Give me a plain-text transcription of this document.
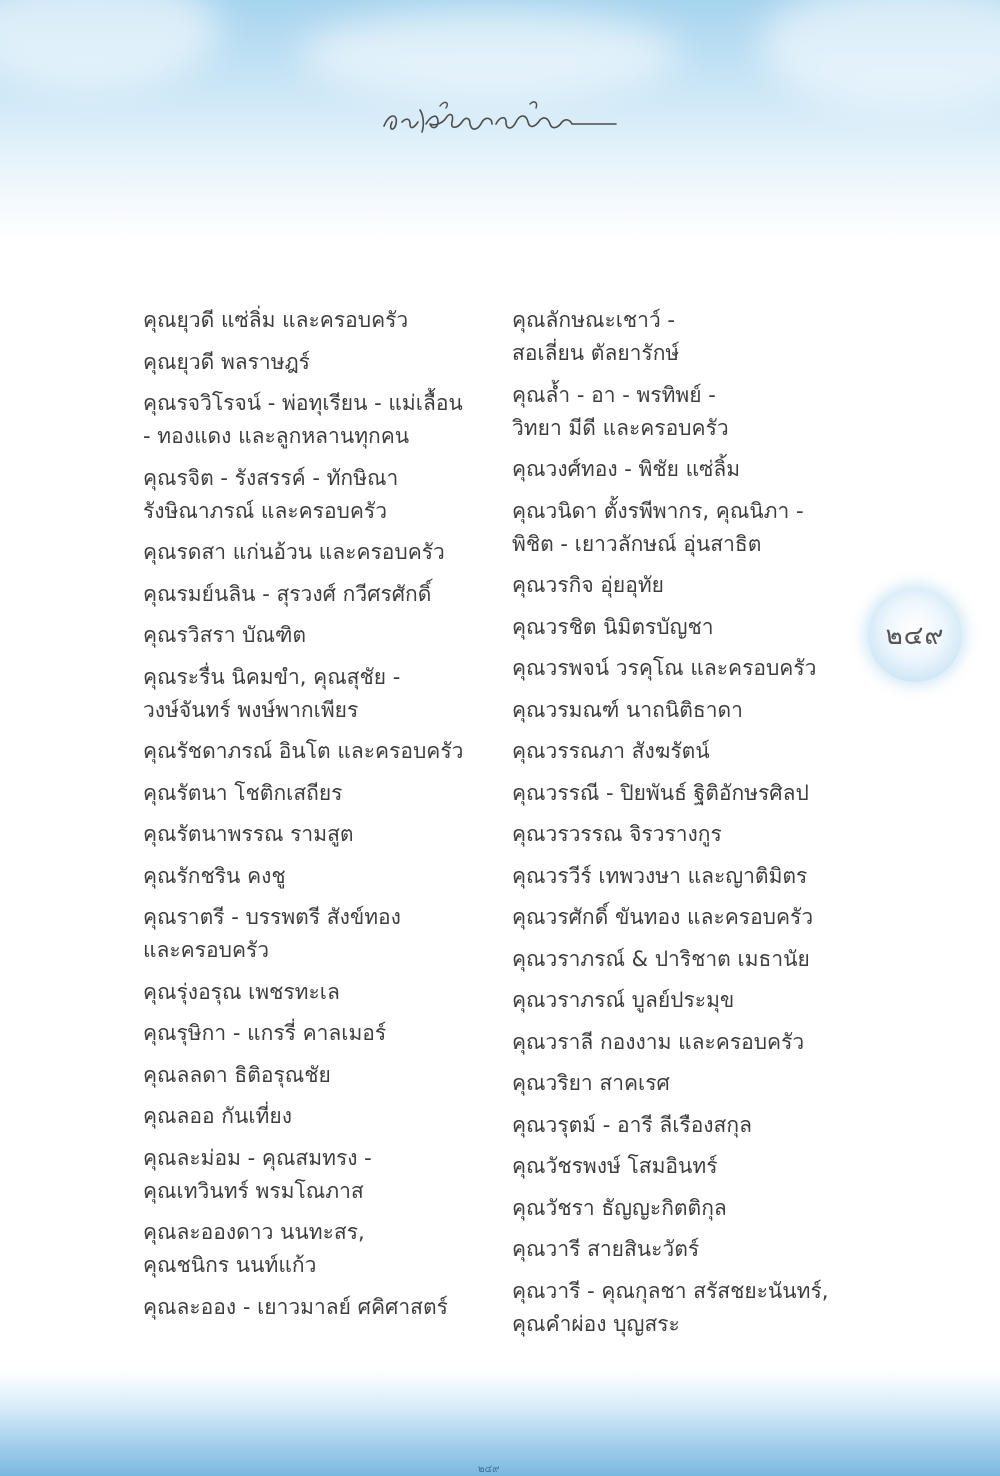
คุณยุวดี แซ่ลิ่ม และครอบครัว
คุณยุวดี พลราษฎร์
คุณรจวิโรจน์ - พ่อทุเรียน - แม่เลื้อน
- ทองแดง และลูกหลานทุกคน
คุณรจิต - รังสรรค์ - ทักษิณา
รังษิณาภรณ์ และครอบครัว
คุณรดสา แก่นอ้วน และครอบครัว
คุณรมย์นลิน - สุรวงศ์ กวีศรศักดิ์
คุณรวิสรา บัณฑิต
คุณระรื่น นิคมขำ, คุณสุชัย -
วงษ์จันทร์ พงษ์พากเพียร
คุณรัชดาภรณ์ อินโต และครอบครัว
คุณรัตนา โชติกเสถียร
คุณรัตนาพรรณ รามสูต
คุณรักชริน คงชู
คุณราตรี - บรรพตรี สังข์ทอง
และครอบครัว
คุณรุ่งอรุณ เพชรทะเล
คุณรุษิกา - แกรรี่ คาลเมอร์
คุณลลดา ธิติอรุณชัย
คุณลออ กันเที่ยง
คุณละม่อม - คุณสมทรง -
คุณเทวินทร์ พรมโณภาส
คุณละอองดาว นนทะสร,
คุณชนิกร นนท์แก้ว
คุณละออง - เยาวมาลย์ ศคิศาสตร์
คุณลักษณะเชาว์ -
สอเลี่ยน ตัลยารักษ์
คุณล้ำ - อา - พรทิพย์ -
วิทยา มีดี และครอบครัว
คุณวงศ์ทอง - พิชัย แซ่ลิ้ม
คุณวนิดา ตั้งรพีพากร, คุณนิภา -
พิชิต - เยาวลักษณ์ อุ่นสาธิต
คุณวรกิจ อุ่ยอุทัย
คุณวรชิต นิมิตรบัญชา
คุณวรพจน์ วรคุโณ และครอบครัว
คุณวรมณฑ์ นาถนิติธาดา
คุณวรรณภา สังฆรัตน์
คุณวรรณี - ปิยพันธ์ ฐิติอักษรศิลป
คุณวรวรรณ จิรวรางกูร
คุณวรวีร์ เทพวงษา และญาติมิตร
คุณวรศักดิ์ ขันทอง และครอบครัว
คุณวราภรณ์ & ปาริชาต เมธานัย
คุณวราภรณ์ บูลย์ประมุข
คุณวราลี กองงาม และครอบครัว
คุณวริยา สาคเรศ
คุณวรุตม์ - อารี ลีเรืองสกุล
คุณวัชรพงษ์ โสมอินทร์
คุณวัชรา ธัญญะกิตติกุล
คุณวารี สายสินะวัตร์
คุณวารี - คุณกุลชา สรัสชยะนันทร์,
คุณคำผ่อง บุญสระ
๒๔๙
๒๔๙
